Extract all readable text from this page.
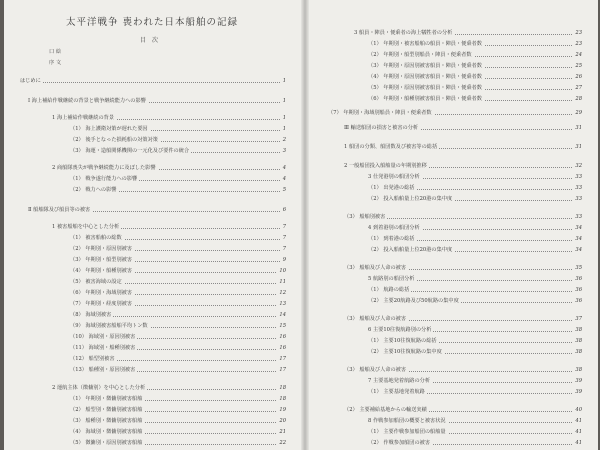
太平洋戦争 喪われた日本船舶の記録
目次
口 絵
序 文
はじめに	1
Ⅰ 海上補給作戦継続の背景と戦争継続能力への影響	1
1 海上補給作戦継続の背景	1
（1） 海上護衛対策が遅れた要因	1
（2） 後手となった損耗船の対策対策	2
（3） 海運・造船関係機関の一元化及び要件の統合	3
2 商船隊喪失が戦争継続能力に及ぼした影響	4
（1） 戦争遂行能力への影響	4
（2） 戦力への影響	5
Ⅱ 船舶隊及び船員等の被害	6
1 被害船舶を中心とした分析	7
（1） 被害船舶の総数	7
（2） 年期別・原因別被害	7
（3） 年期別・船型別被害	9
（4） 年期別・船種別被害	10
（5） 被害海域の設定	11
（6） 年期別・海域別被害	12
（7） 年期別・経度別被害	13
（8） 海域別被害	14
（9） 海域別被害船舶平均トン数	15
（10） 海域別・原因別被害	16
（11） 海域別・船種別被害	16
（12） 船型別被害	17
（13） 船種別・原因別被害	17
2 運航主体（徴傭別）を中心とした分析	18
（1） 年期別・徴傭別被害船舶	18
（2） 船型別・徴傭別被害船舶	19
（3） 船種別・徴傭別被害船舶	20
（4） 海域別・徴傭別被害船舶	21
（5） 徴傭別・原因別被害船舶	22
3 船員・陣員・便乗者の海上犠牲者の分析	23
（1） 年期別・被害船舶の船員・陣員・便乗者数	23
（2） 年期別・船型別船員・陣員・便乗者数	24
（3） 年期別・原因別被害船員・陣員・便乗者数	25
（4） 年期別・原因別被害船員・陣員・便乗者数	26
（5） 年期別・原因別被害船員・陣員・便乗者数	27
（6） 年期別・船種別被害船員・陣員・便乗者数	28
（7） 年期別・海域別船員・陣員・便乗者数	29
Ⅲ 輸送船団の損害と被害の分析	31
1 船団の分類、船団数及び被害等の総括	31
2 一般船団投入船舶量の年期別推移	32
3 仕発港別の船団分析	33
（1） 出発港の総括	33
（2） 投入船舶量上位20港の集中度	33
（3） 船舶別被害	33
4 到着港別の船団分析	34
（1） 到着港の総括	34
（2） 投入船舶量上位20港の集中度	34
（3） 船舶及び人命の被害	35
5 航路別の船団分析	36
（1） 航路の総括	36
（2） 主要20航路及び50航路の集中度	36
（3） 船舶及び人命の被害	37
6 主要10往復航路別の分析	38
（1） 主要10往復航路の総括	38
（2） 主要10往復航路の集中度	38
（3） 船舶及び人命の被害	38
7 主要基地発着航路の分析	39
（1） 主要基地発着航路	39
（2） 主要補給基地からの輸送実績	40
8 作戦参加船団の概要と被害状況	41
（1） 主要作戦参加船団の船舶量	41
（2） 作戦参加船団の被害	41
